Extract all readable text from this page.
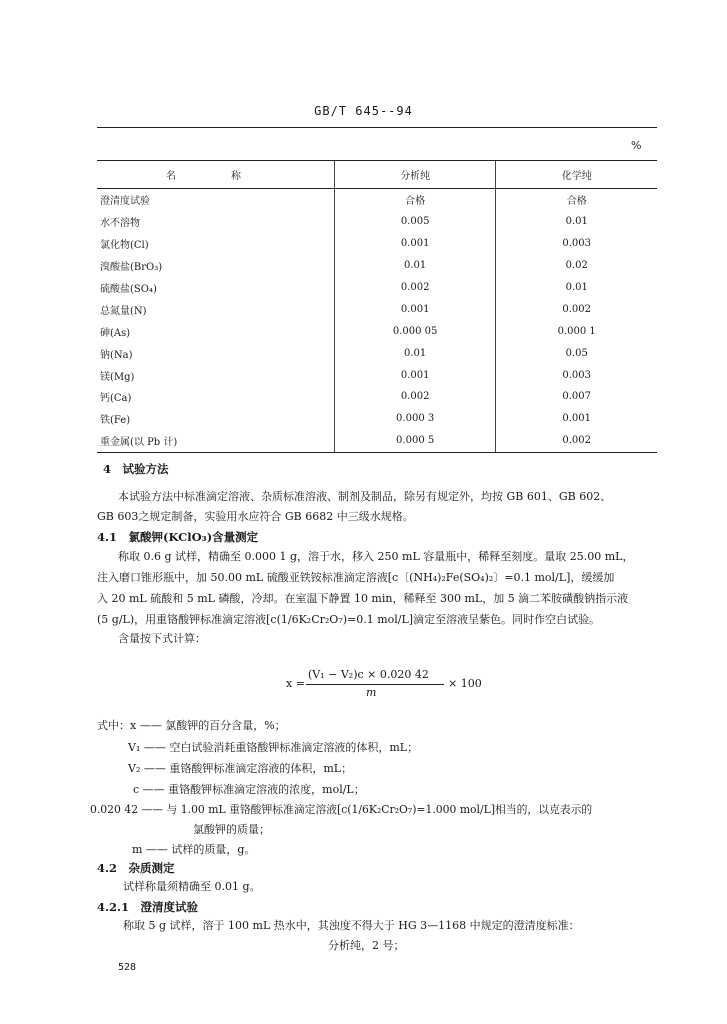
GB/T 645--94
%
名 称	分析纯	化学纯
澄清度试验	合格	合格
水不溶物	0.005	0.01
氯化物(Cl)	0.001	0.003
溴酸盐(BrO₃)	0.01	0.02
硫酸盐(SO₄)	0.002	0.01
总氮量(N)	0.001	0.002
砷(As)	0.000 05	0.000 1
钠(Na)	0.01	0.05
镁(Mg)	0.001	0.003
钙(Ca)	0.002	0.007
铁(Fe)	0.000 3	0.001
重金属(以 Pb 计)	0.000 5	0.002
4　试验方法
本试验方法中标准滴定溶液、杂质标准溶液、制剂及制品，除另有规定外，均按 GB 601、GB 602、
GB 603之规定制备，实验用水应符合 GB 6682 中三级水规格。
4.1　氯酸钾(KClO₃)含量测定
称取 0.6 g 试样，精确至 0.000 1 g，溶于水，移入 250 mL 容量瓶中，稀释至刻度。量取 25.00 mL，
注入磨口锥形瓶中，加 50.00 mL 硫酸亚铁铵标准滴定溶液[c〔(NH₄)₂Fe(SO₄)₂〕=0.1 mol/L]，缓缓加
入 20 mL 硫酸和 5 mL 磷酸，冷却。在室温下静置 10 min，稀释至 300 mL，加 5 滴二苯胺磺酸钠指示液
(5 g/L)，用重铬酸钾标准滴定溶液[c(1/6K₂Cr₂O₇)=0.1 mol/L]滴定至溶液呈紫色。同时作空白试验。
含量按下式计算：
x =
(V₁ − V₂)c × 0.020 42
m
× 100
式中：x —— 氯酸钾的百分含量，%；
V₁ —— 空白试验消耗重铬酸钾标准滴定溶液的体积，mL；
V₂ —— 重铬酸钾标准滴定溶液的体积，mL；
c —— 重铬酸钾标准滴定溶液的浓度，mol/L；
0.020 42 —— 与 1.00 mL 重铬酸钾标准滴定溶液[c(1/6K₂Cr₂O₇)=1.000 mol/L]相当的，以克表示的
氯酸钾的质量；
m —— 试样的质量，g。
4.2　杂质测定
试样称量须精确至 0.01 g。
4.2.1　澄清度试验
称取 5 g 试样，溶于 100 mL 热水中，其浊度不得大于 HG 3—1168 中规定的澄清度标准：
分析纯，2 号；
528
